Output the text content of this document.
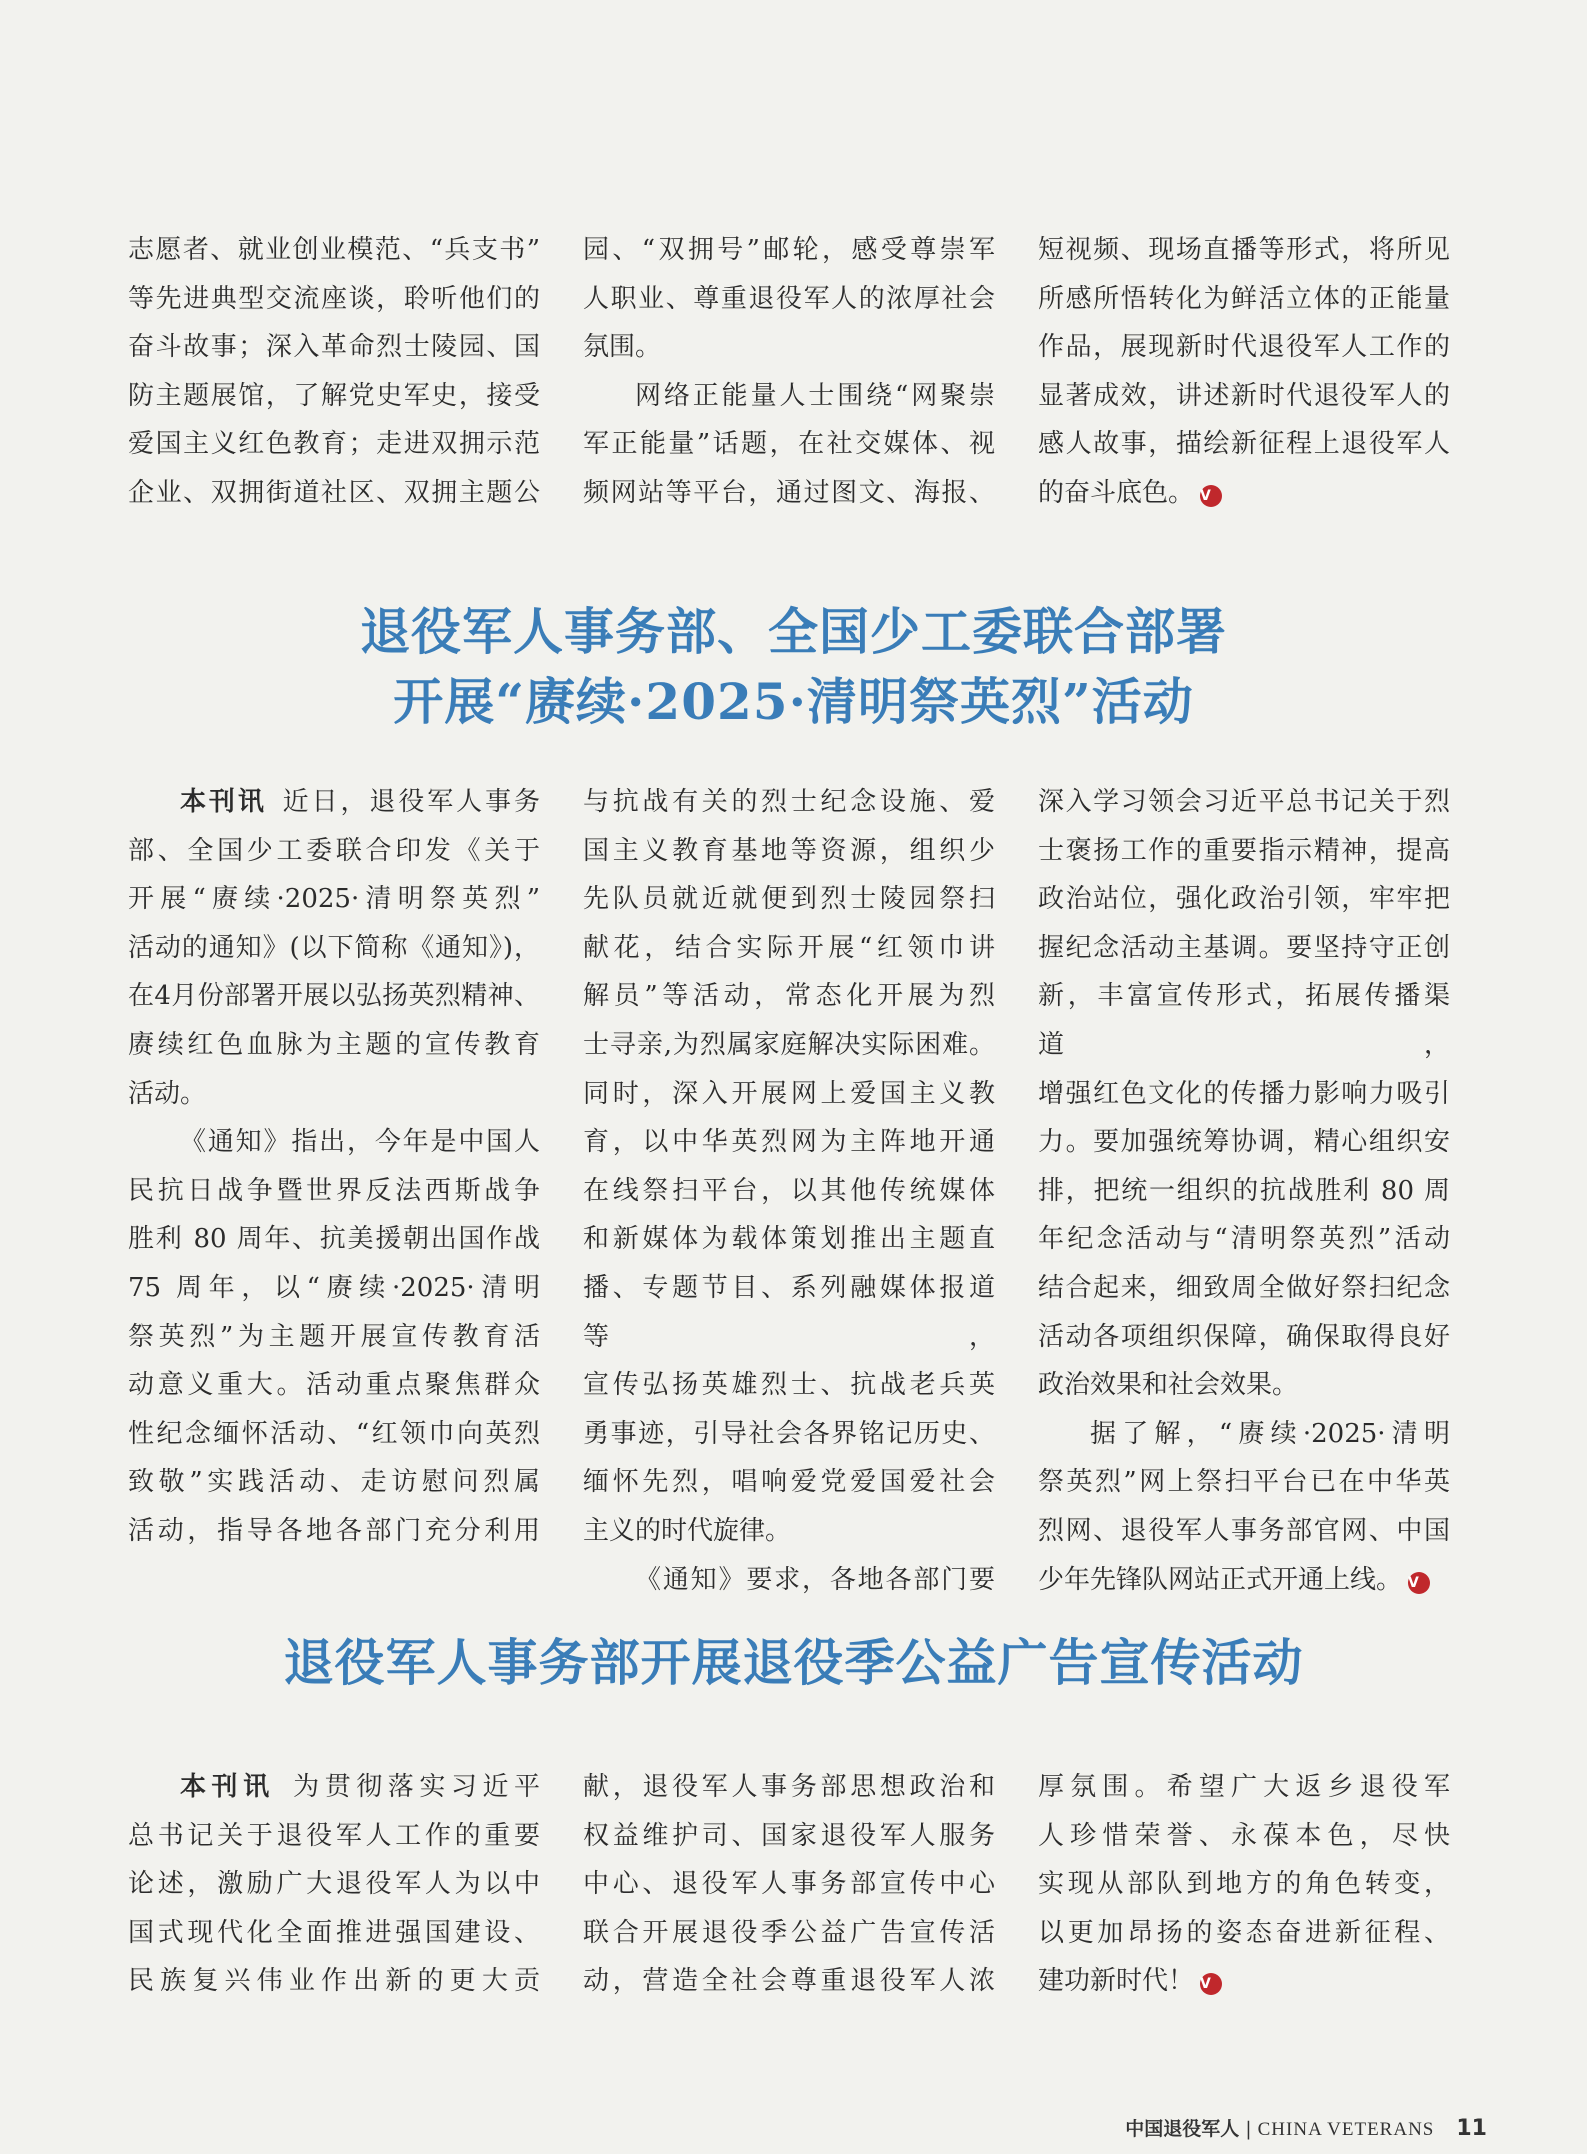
志愿者、就业创业模范、“兵支书”

等先进典型交流座谈，聆听他们的

奋斗故事；深入革命烈士陵园、国

防主题展馆，了解党史军史，接受

爱国主义红色教育；走进双拥示范

企业、双拥街道社区、双拥主题公

园、“双拥号”邮轮，感受尊崇军

人职业、尊重退役军人的浓厚社会

氛围。

网络正能量人士围绕“网聚崇

军正能量”话题，在社交媒体、视

频网站等平台，通过图文、海报、

短视频、现场直播等形式，将所见

所感所悟转化为鲜活立体的正能量

作品，展现新时代退役军人工作的

显著成效，讲述新时代退役军人的

感人故事，描绘新征程上退役军人

的奋斗底色。 V

退役军人事务部、全国少工委联合部署
开展“赓续·2025·清明祭英烈”活动

本刊讯  近日，退役军人事务

部、全国少工委联合印发《关于

开展“赓续·2025·清明祭英烈”

活动的通知》(以下简称《通知》)，

在4月份部署开展以弘扬英烈精神、

赓续红色血脉为主题的宣传教育

活动。

《通知》指出，今年是中国人

民抗日战争暨世界反法西斯战争

胜利 80 周年、抗美援朝出国作战

75 周年，以“赓续·2025·清明

祭英烈”为主题开展宣传教育活

动意义重大。活动重点聚焦群众

性纪念缅怀活动、“红领巾向英烈

致敬”实践活动、走访慰问烈属

活动，指导各地各部门充分利用

与抗战有关的烈士纪念设施、爱

国主义教育基地等资源，组织少

先队员就近就便到烈士陵园祭扫

献花，结合实际开展“红领巾讲

解员”等活动，常态化开展为烈

士寻亲,为烈属家庭解决实际困难。

同时，深入开展网上爱国主义教

育，以中华英烈网为主阵地开通

在线祭扫平台，以其他传统媒体

和新媒体为载体策划推出主题直

播、专题节目、系列融媒体报道等，

宣传弘扬英雄烈士、抗战老兵英

勇事迹，引导社会各界铭记历史、

缅怀先烈，唱响爱党爱国爱社会

主义的时代旋律。

《通知》要求，各地各部门要

深入学习领会习近平总书记关于烈

士褒扬工作的重要指示精神，提高

政治站位，强化政治引领，牢牢把

握纪念活动主基调。要坚持守正创

新，丰富宣传形式，拓展传播渠道，

增强红色文化的传播力影响力吸引

力。要加强统筹协调，精心组织安

排，把统一组织的抗战胜利 80 周

年纪念活动与“清明祭英烈”活动

结合起来，细致周全做好祭扫纪念

活动各项组织保障，确保取得良好

政治效果和社会效果。

据了解，“赓续·2025·清明

祭英烈”网上祭扫平台已在中华英

烈网、退役军人事务部官网、中国

少年先锋队网站正式开通上线。 V

退役军人事务部开展退役季公益广告宣传活动

本刊讯  为贯彻落实习近平

总书记关于退役军人工作的重要

论述，激励广大退役军人为以中

国式现代化全面推进强国建设、

民族复兴伟业作出新的更大贡

献，退役军人事务部思想政治和

权益维护司、国家退役军人服务

中心、退役军人事务部宣传中心

联合开展退役季公益广告宣传活

动，营造全社会尊重退役军人浓

厚氛围。希望广大返乡退役军

人珍惜荣誉、永葆本色，尽快

实现从部队到地方的角色转变，

以更加昂扬的姿态奋进新征程、

建功新时代！ V

中国退役军人 | CHINA VETERANS 11
